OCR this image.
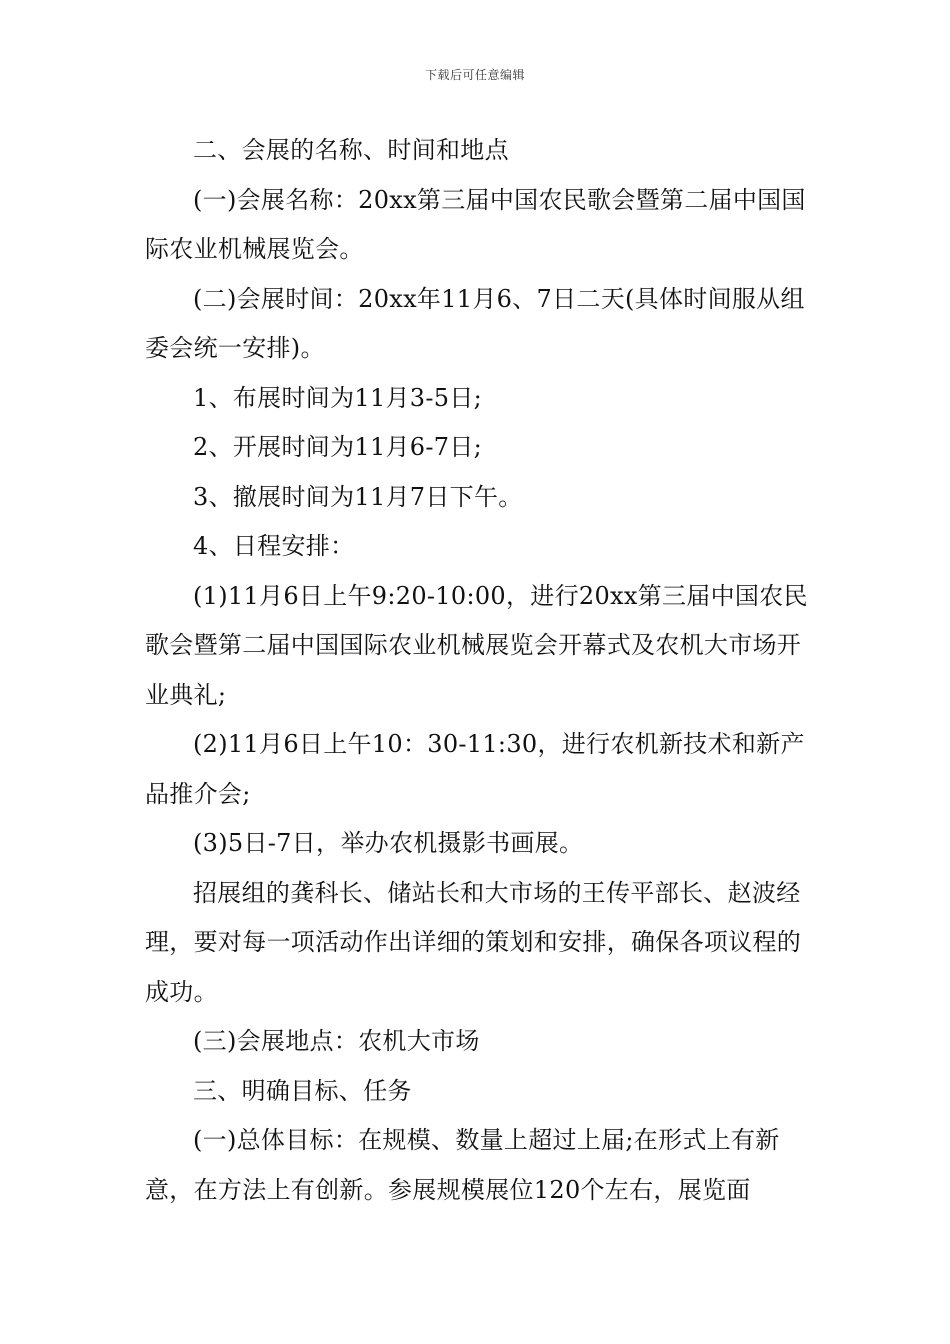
下载后可任意编辑

二、会展的名称、时间和地点

(一)会展名称：20xx第三届中国农民歌会暨第二届中国国际农业机械展览会。

(二)会展时间：20xx年11月6、7日二天(具体时间服从组委会统一安排)。

1、布展时间为11月3-5日;

2、开展时间为11月6-7日;

3、撤展时间为11月7日下午。

4、日程安排：

(1)11月6日上午9:20-10:00，进行20xx第三届中国农民歌会暨第二届中国国际农业机械展览会开幕式及农机大市场开业典礼;

(2)11月6日上午10：30-11:30，进行农机新技术和新产品推介会;

(3)5日-7日，举办农机摄影书画展。

招展组的龚科长、储站长和大市场的王传平部长、赵波经理，要对每一项活动作出详细的策划和安排，确保各项议程的成功。

(三)会展地点：农机大市场

三、明确目标、任务

(一)总体目标：在规模、数量上超过上届;在形式上有新意，在方法上有创新。参展规模展位120个左右，展览面
